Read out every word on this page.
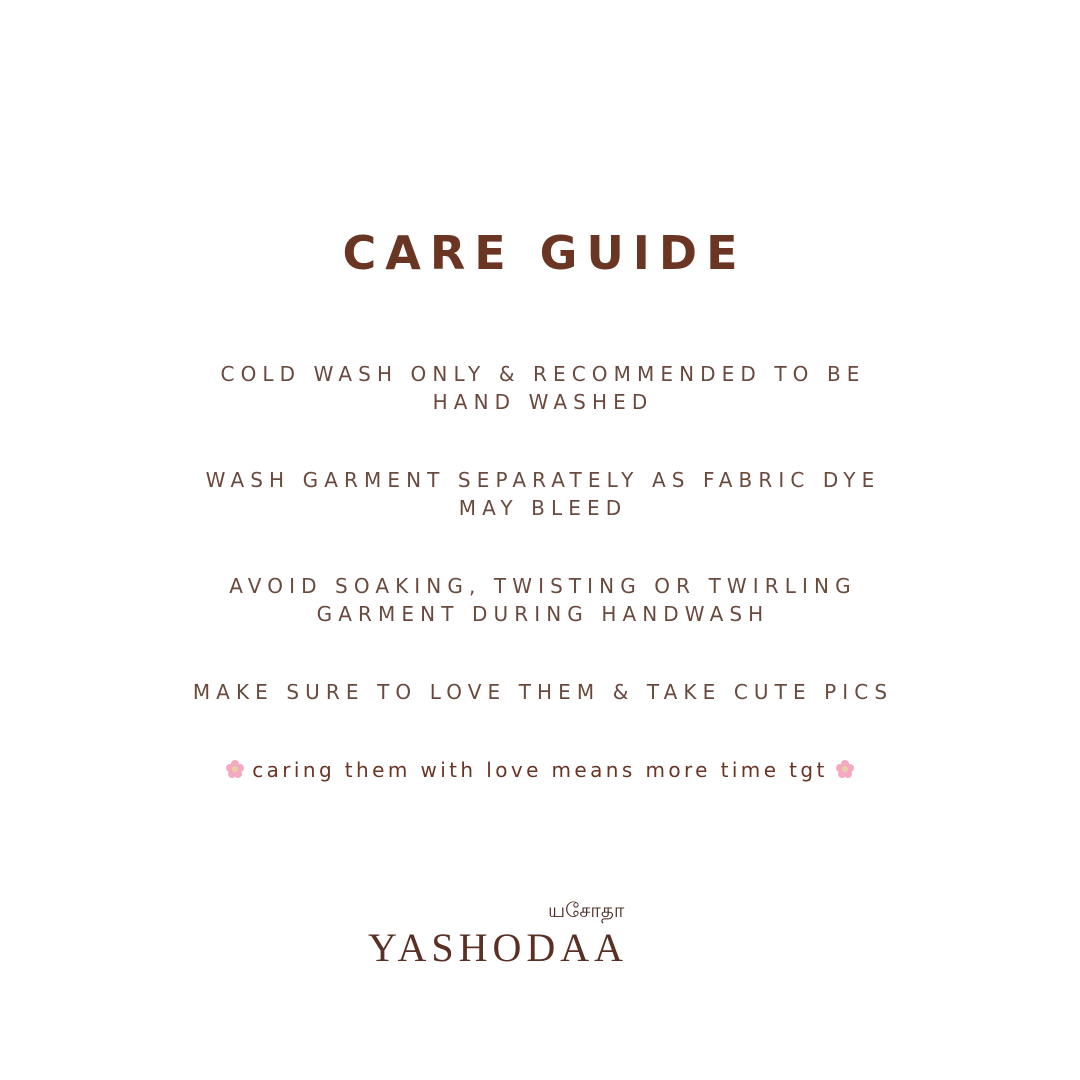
CARE GUIDE
COLD WASH ONLY & RECOMMENDED TO BE
HAND WASHED
WASH GARMENT SEPARATELY AS FABRIC DYE
MAY BLEED
AVOID SOAKING, TWISTING OR TWIRLING
GARMENT DURING HANDWASH
MAKE SURE TO LOVE THEM & TAKE CUTE PICS
caring them with love means more time tgt
யசோதா
YASHODAA
